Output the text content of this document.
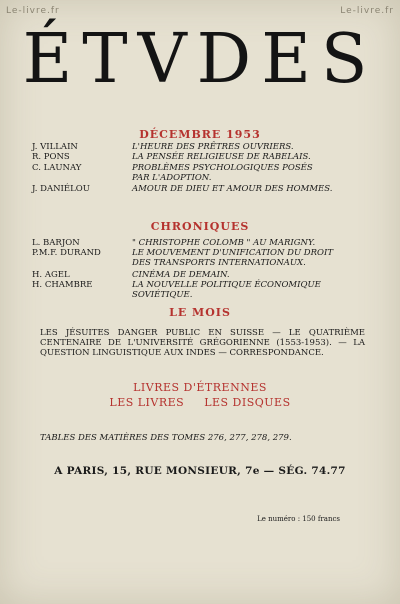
Le-livre.fr	Le-livre.fr
ÉTVDES
DÉCEMBRE 1953
J. VILLAIN	L'HEURE DES PRÊTRES OUVRIERS.
R. PONS	LA PENSÉE RELIGIEUSE DE RABELAIS.
C. LAUNAY	PROBLÈMES PSYCHOLOGIQUES POSÉS PAR L'ADOPTION.
J. DANIÉLOU	AMOUR DE DIEU ET AMOUR DES HOMMES.
CHRONIQUES
L. BARJON	" CHRISTOPHE COLOMB " AU MARIGNY.
P.M.F. DURAND	LE MOUVEMENT D'UNIFICATION DU DROIT DES TRANSPORTS INTERNATIONAUX.
H. AGEL	CINÉMA DE DEMAIN.
H. CHAMBRE	LA NOUVELLE POLITIQUE ÉCONOMIQUE SOVIÉTIQUE.
LE MOIS
LES JÉSUITES DANGER PUBLIC EN SUISSE — LE QUATRIÈME CENTENAIRE DE L'UNIVERSITÉ GRÉGORIENNE (1553-1953). — LA QUESTION LINGUISTIQUE AUX INDES — CORRESPONDANCE.
LIVRES D'ÉTRENNES
LES LIVRES LES DISQUES
TABLES DES MATIÈRES DES TOMES 276, 277, 278, 279.
A PARIS, 15, RUE MONSIEUR, 7e — SÉG. 74.77
Le numéro : 150 francs
